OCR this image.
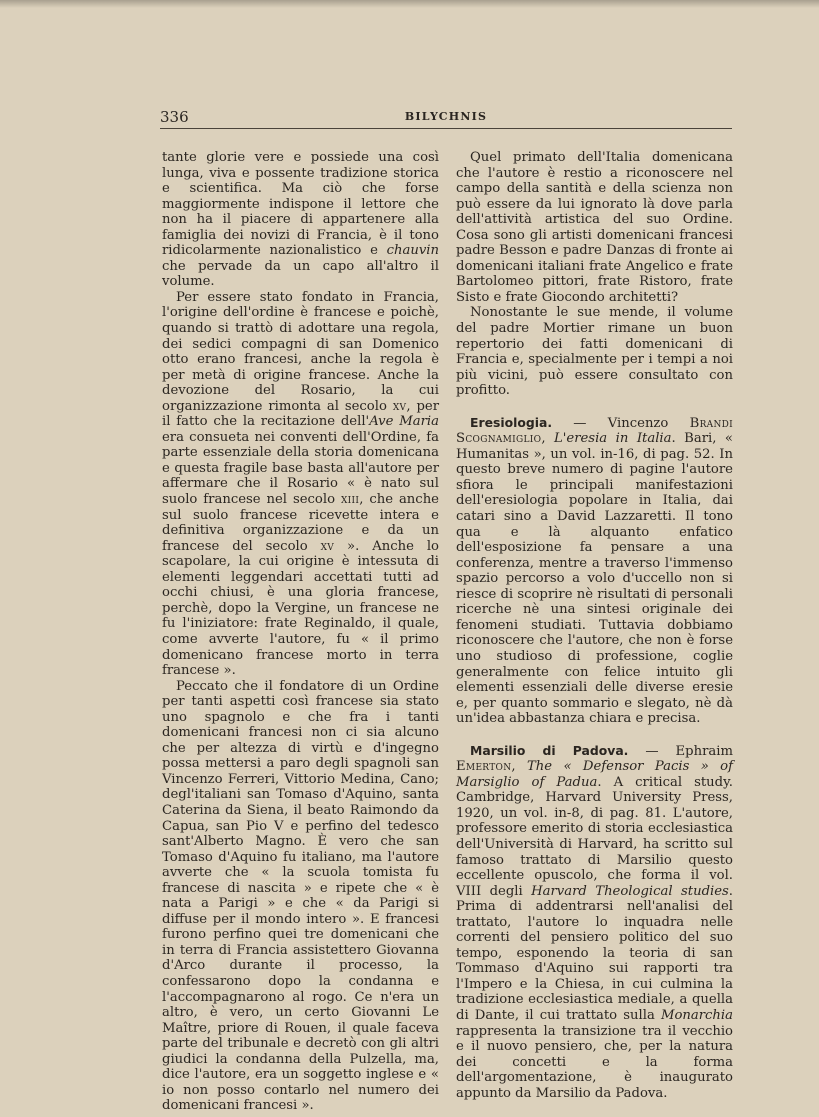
336	BILYCHNIS

tante glorie vere e possiede una così lunga, viva e possente tradizione storica e scientifica. Ma ciò che forse maggiormente indispone il lettore che non ha il piacere di appartenere alla famiglia dei novizi di Francia, è il tono ridicolarmente nazionalistico e chauvin che pervade da un capo all'altro il volume.

Per essere stato fondato in Francia, l'origine dell'ordine è francese e poichè, quando si trattò di adottare una regola, dei sedici compagni di san Domenico otto erano francesi, anche la regola è per metà di origine francese. Anche la devozione del Rosario, la cui organizzazione rimonta al secolo xv, per il fatto che la recitazione dell'Ave Maria era consueta nei conventi dell'Ordine, fa parte essenziale della storia domenicana e questa fragile base basta all'autore per affermare che il Rosario « è nato sul suolo francese nel secolo xiii, che anche sul suolo francese ricevette intera e definitiva organizzazione e da un francese del secolo xv ». Anche lo scapolare, la cui origine è intessuta di elementi leggendari accettati tutti ad occhi chiusi, è una gloria francese, perchè, dopo la Vergine, un francese ne fu l'iniziatore: frate Reginaldo, il quale, come avverte l'autore, fu « il primo domenicano francese morto in terra francese ».

Peccato che il fondatore di un Ordine per tanti aspetti così francese sia stato uno spagnolo e che fra i tanti domenicani francesi non ci sia alcuno che per altezza di virtù e d'ingegno possa mettersi a paro degli spagnoli san Vincenzo Ferreri, Vittorio Medina, Cano; degl'italiani san Tomaso d'Aquino, santa Caterina da Siena, il beato Raimondo da Capua, san Pio V e perfino del tedesco sant'Alberto Magno. È vero che san Tomaso d'Aquino fu italiano, ma l'autore avverte che « la scuola tomista fu francese di nascita » e ripete che « è nata a Parigi » e che « da Parigi si diffuse per il mondo intero ». E francesi furono perfino quei tre domenicani che in terra di Francia assistettero Giovanna d'Arco durante il processo, la confessarono dopo la condanna e l'accompagnarono al rogo. Ce n'era un altro, è vero, un certo Giovanni Le Maître, priore di Rouen, il quale faceva parte del tribunale e decretò con gli altri giudici la condanna della Pulzella, ma, dice l'autore, era un soggetto inglese e « io non posso contarlo nel numero dei domenicani francesi ».

Quel primato dell'Italia domenicana che l'autore è restio a riconoscere nel campo della santità e della scienza non può essere da lui ignorato là dove parla dell'attività artistica del suo Ordine. Cosa sono gli artisti domenicani francesi padre Besson e padre Danzas di fronte ai domenicani italiani frate Angelico e frate Bartolomeo pittori, frate Ristoro, frate Sisto e frate Giocondo architetti?

Nonostante le sue mende, il volume del padre Mortier rimane un buon repertorio dei fatti domenicani di Francia e, specialmente per i tempi a noi più vicini, può essere consultato con profitto.

Eresiologia. — Vincenzo Brandi Scognamiglio, L'eresia in Italia. Bari, « Humanitas », un vol. in-16, di pag. 52. In questo breve numero di pagine l'autore sfiora le principali manifestazioni dell'eresiologia popolare in Italia, dai catari sino a David Lazzaretti. Il tono qua e là alquanto enfatico dell'esposizione fa pensare a una conferenza, mentre a traverso l'immenso spazio percorso a volo d'uccello non si riesce di scoprire nè risultati di personali ricerche nè una sintesi originale dei fenomeni studiati. Tuttavia dobbiamo riconoscere che l'autore, che non è forse uno studioso di professione, coglie generalmente con felice intuito gli elementi essenziali delle diverse eresie e, per quanto sommario e slegato, nè dà un'idea abbastanza chiara e precisa.

Marsilio di Padova. — Ephraim Emerton, The « Defensor Pacis » of Marsiglio of Padua. A critical study. Cambridge, Harvard University Press, 1920, un vol. in-8, di pag. 81. L'autore, professore emerito di storia ecclesiastica dell'Università di Harvard, ha scritto sul famoso trattato di Marsilio questo eccellente opuscolo, che forma il vol. VIII degli Harvard Theological studies. Prima di addentrarsi nell'analisi del trattato, l'autore lo inquadra nelle correnti del pensiero politico del suo tempo, esponendo la teoria di san Tommaso d'Aquino sui rapporti tra l'Impero e la Chiesa, in cui culmina la tradizione ecclesiastica mediale, a quella di Dante, il cui trattato sulla Monarchia rappresenta la transizione tra il vecchio e il nuovo pensiero, che, per la natura dei concetti e la forma dell'argomentazione, è inaugurato appunto da Marsilio da Padova.
